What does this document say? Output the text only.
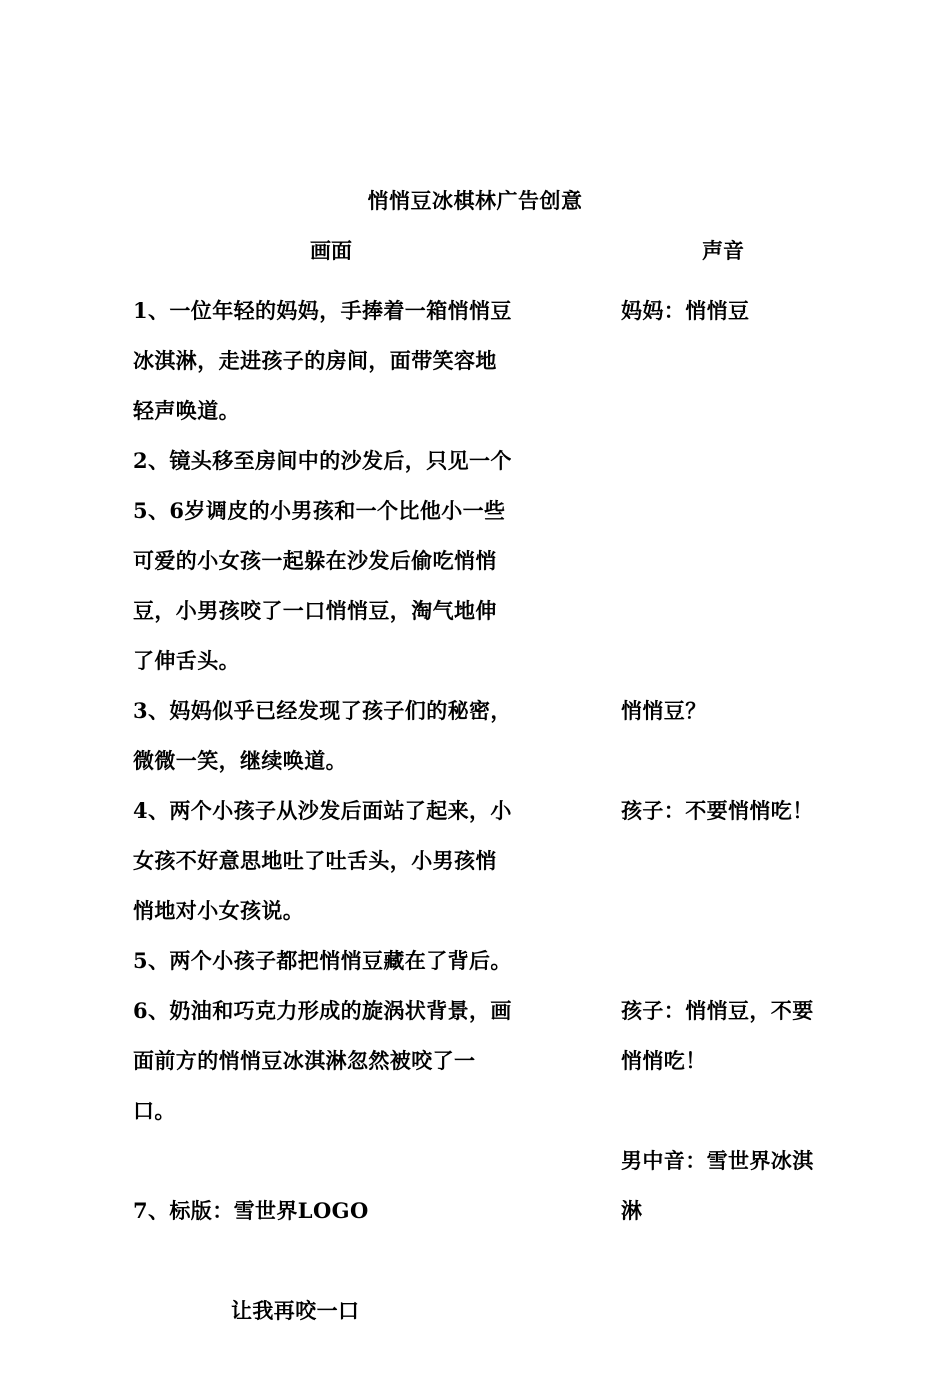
悄悄豆冰棋林广告创意
画面	声音
1、一位年轻的妈妈，手捧着一箱悄悄豆
冰淇淋，走进孩子的房间，面带笑容地
轻声唤道。
妈妈：悄悄豆
2、镜头移至房间中的沙发后，只见一个
5、6岁调皮的小男孩和一个比他小一些
可爱的小女孩一起躲在沙发后偷吃悄悄
豆，小男孩咬了一口悄悄豆，淘气地伸
了伸舌头。
3、妈妈似乎已经发现了孩子们的秘密，
微微一笑，继续唤道。
悄悄豆？
4、两个小孩子从沙发后面站了起来，小
女孩不好意思地吐了吐舌头，小男孩悄
悄地对小女孩说。
孩子：不要悄悄吃！
5、两个小孩子都把悄悄豆藏在了背后。
6、奶油和巧克力形成的旋涡状背景，画
面前方的悄悄豆冰淇淋忽然被咬了一
口。
孩子：悄悄豆，不要
悄悄吃！

7、标版：雪世界LOGO

让我再咬一口

男中音：雪世界冰淇
淋
